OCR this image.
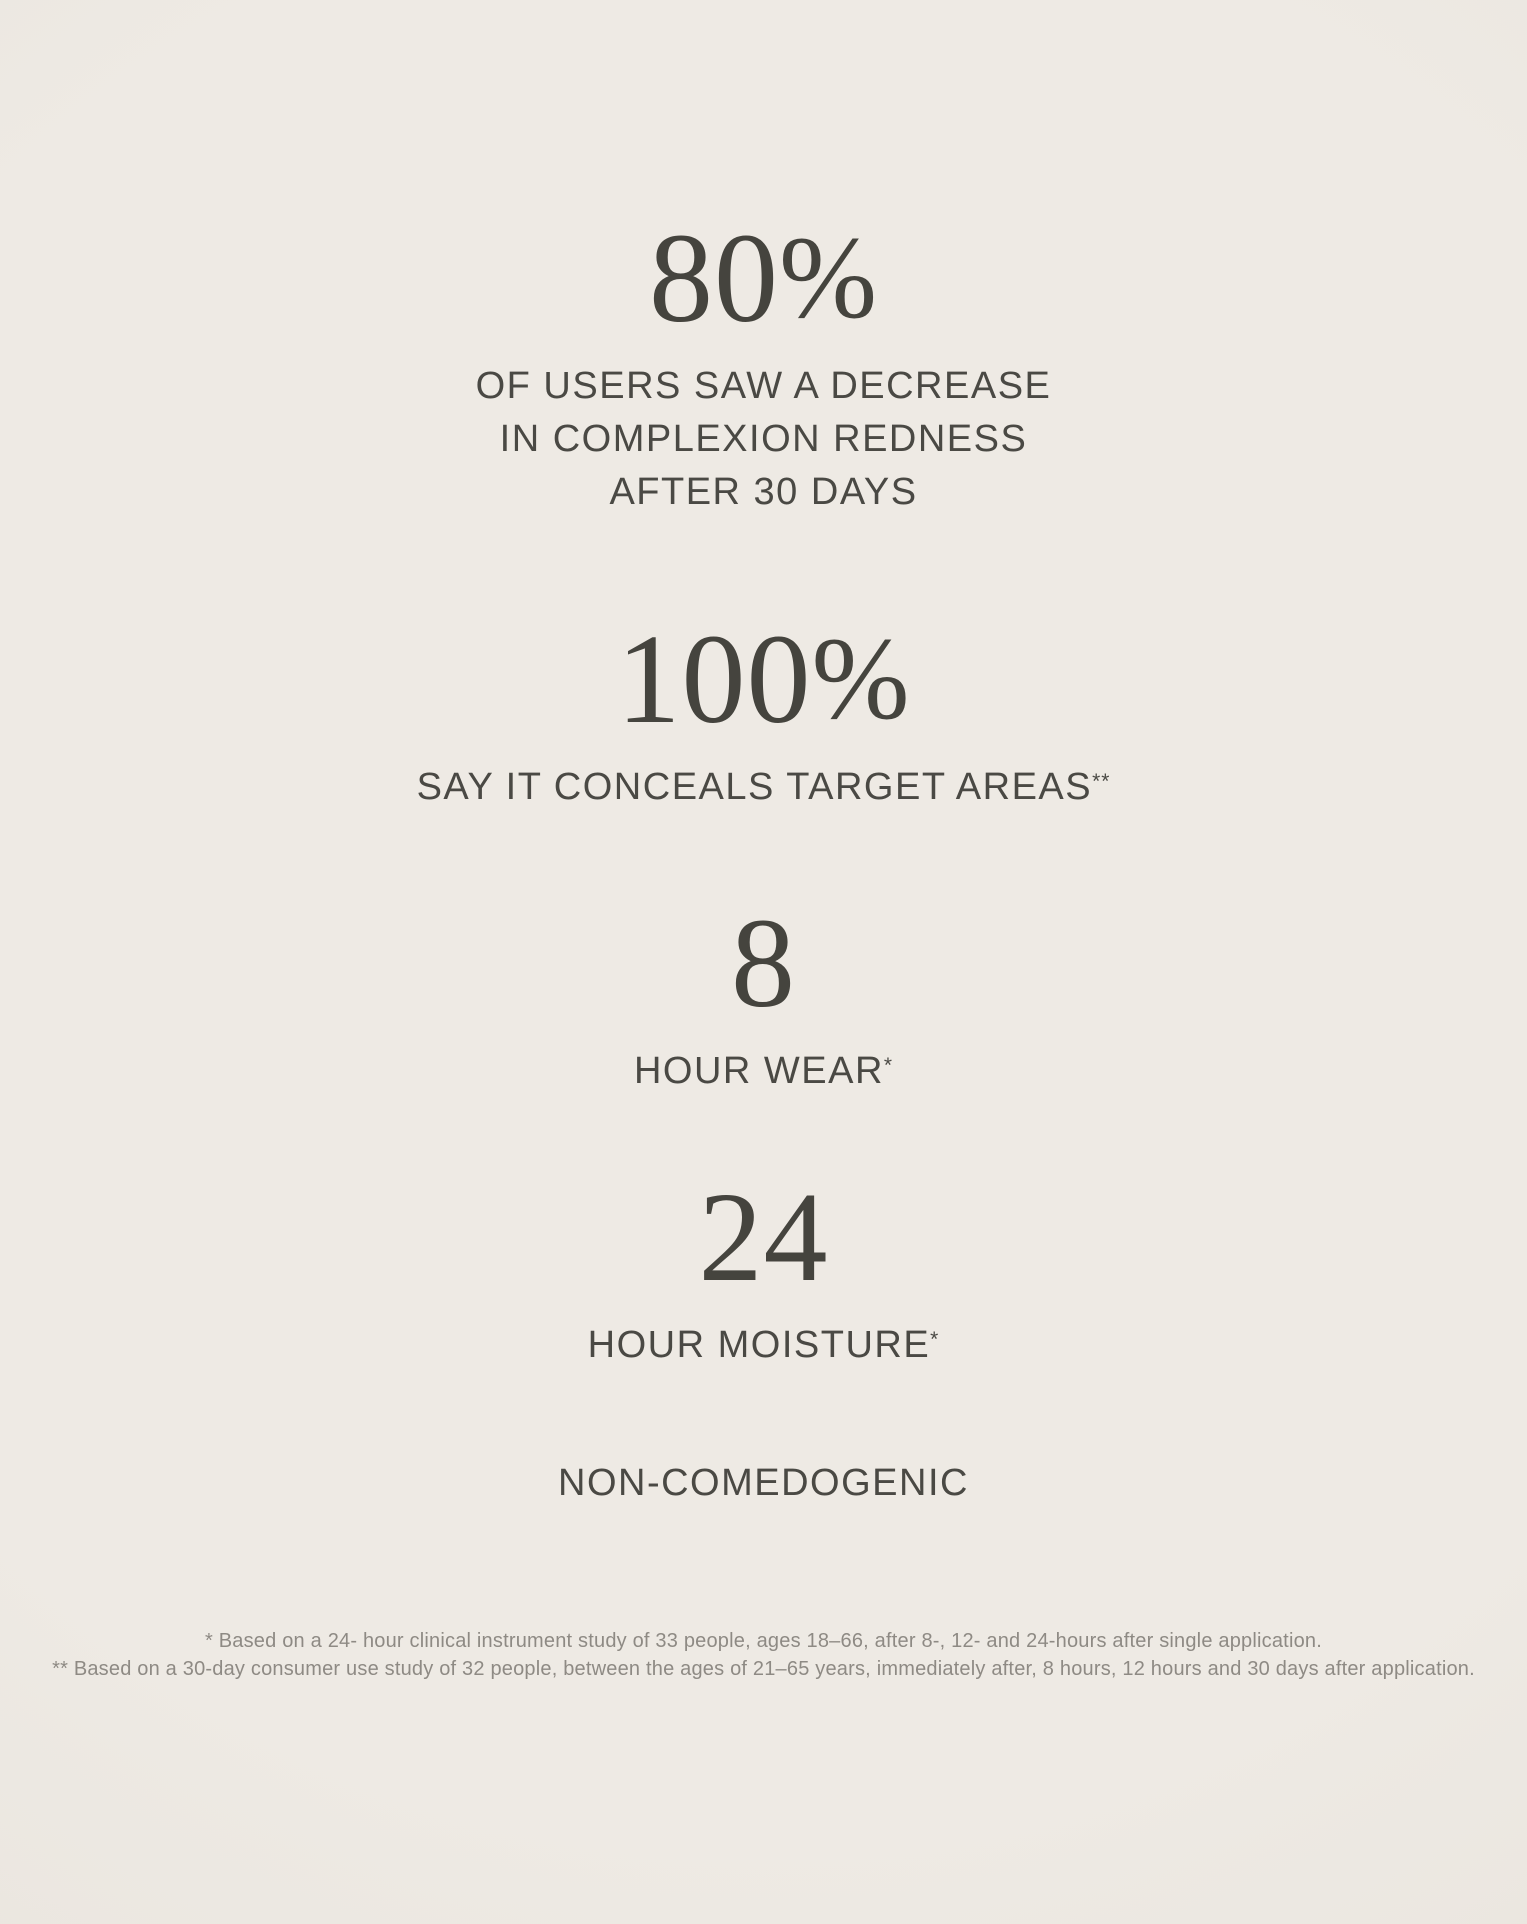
80%
OF USERS SAW A DECREASE
IN COMPLEXION REDNESS
AFTER 30 DAYS
100%
SAY IT CONCEALS TARGET AREAS**
8
HOUR WEAR*
24
HOUR MOISTURE*
NON-COMEDOGENIC

* Based on a 24- hour clinical instrument study of 33 people, ages 18–66, after 8-, 12- and 24-hours after single application.

** Based on a 30-day consumer use study of 32 people, between the ages of 21–65 years, immediately after, 8 hours, 12 hours and 30 days after application.
